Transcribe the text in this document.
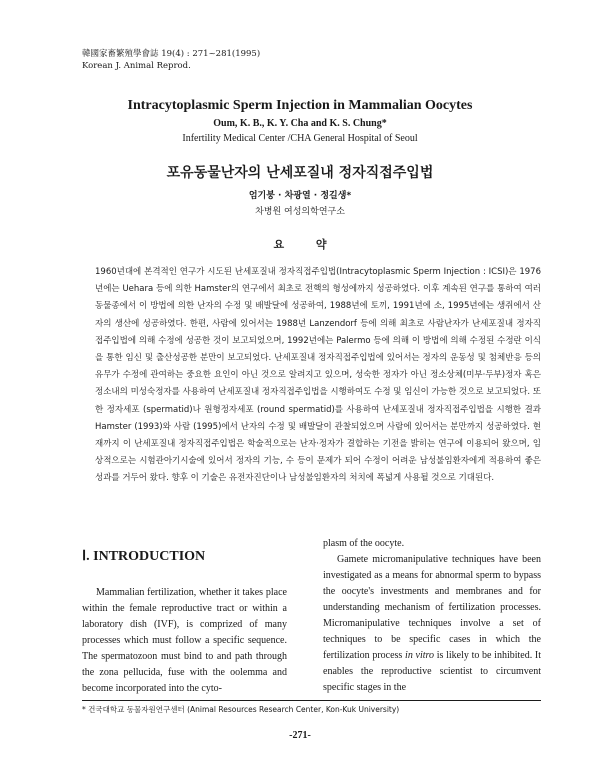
韓國家畜繁殖學會誌 19(4) : 271~281(1995)
Korean J. Animal Reprod.
Intracytoplasmic Sperm Injection in Mammalian Oocytes
Oum, K. B., K. Y. Cha and K. S. Chung*
Infertility Medical Center /CHA General Hospital of Seoul
포유동물난자의 난세포질내 정자직접주입법
엄기붕 · 차광열 · 정길생*
차병원 여성의학연구소
요 약
1960년대에 본격적인 연구가 시도된 난세포질내 정자직접주입법(Intracytoplasmic Sperm Injection : ICSI)은 1976년에는 Uehara 등에 의한 Hamster의 연구에서 최초로 전핵의 형성에까지 성공하였다. 이후 계속된 연구를 통하여 여러 동물종에서 이 방법에 의한 난자의 수정 및 배발달에 성공하여, 1988년에 토끼, 1991년에 소, 1995년에는 생쥐에서 산자의 생산에 성공하였다. 한편, 사람에 있어서는 1988년 Lanzendorf 등에 의해 최초로 사람난자가 난세포질내 정자직접주입법에 의해 수정에 성공한 것이 보고되었으며, 1992년에는 Palermo 등에 의해 이 방법에 의해 수정된 수정란 이식을 통한 임신 및 출산성공한 분만이 보고되었다. 난세포질내 정자직접주입법에 있어서는 정자의 운동성 및 첨체반응 등의 유무가 수정에 관여하는 중요한 요인이 아닌 것으로 알려지고 있으며, 성숙한 정자가 아닌 정소상체(미부·두부)정자 혹은 정소내의 미성숙정자를 사용하여 난세포질내 정자직접주입법을 시행하여도 수정 및 임신이 가능한 것으로 보고되었다. 또한 정자세포 (spermatid)나 원형정자세포 (round spermatid)를 사용하여 난세포질내 정자직접주입법을 시행한 결과 Hamster (1993)와 사람 (1995)에서 난자의 수정 및 배발달이 관찰되었으며 사람에 있어서는 분만까지 성공하였다. 현재까지 이 난세포질내 정자직접주입법은 학술적으로는 난자·정자가 결합하는 기전을 밝히는 연구에 이용되어 왔으며, 임상적으로는 시험관아기시술에 있어서 정자의 기능, 수 등이 문제가 되어 수정이 어려운 남성불임환자에게 적용하여 좋은 성과를 거두어 왔다. 향후 이 기술은 유전자진단이나 남성불임환자의 처치에 폭넓게 사용될 것으로 기대된다.
Ⅰ. INTRODUCTION

Mammalian fertilization, whether it takes place within the female reproductive tract or within a laboratory dish (IVF), is comprized of many processes which must follow a specific sequence. The spermatozoon must bind to and path through the zona pellucida, fuse with the oolemma and become incorporated into the cyto-

plasm of the oocyte.

Gamete micromanipulative techniques have been investigated as a means for abnormal sperm to bypass the oocyte's investments and membranes and for understanding mechanism of fertilization processes. Micromanipulative techniques involve a set of techniques to be specific cases in which the fertilization process in vitro is likely to be inhibited. It enables the reproductive scientist to circumvent specific stages in the

* 건국대학교 동물자원연구센터 (Animal Resources Research Center, Kon-Kuk University)
-271-
